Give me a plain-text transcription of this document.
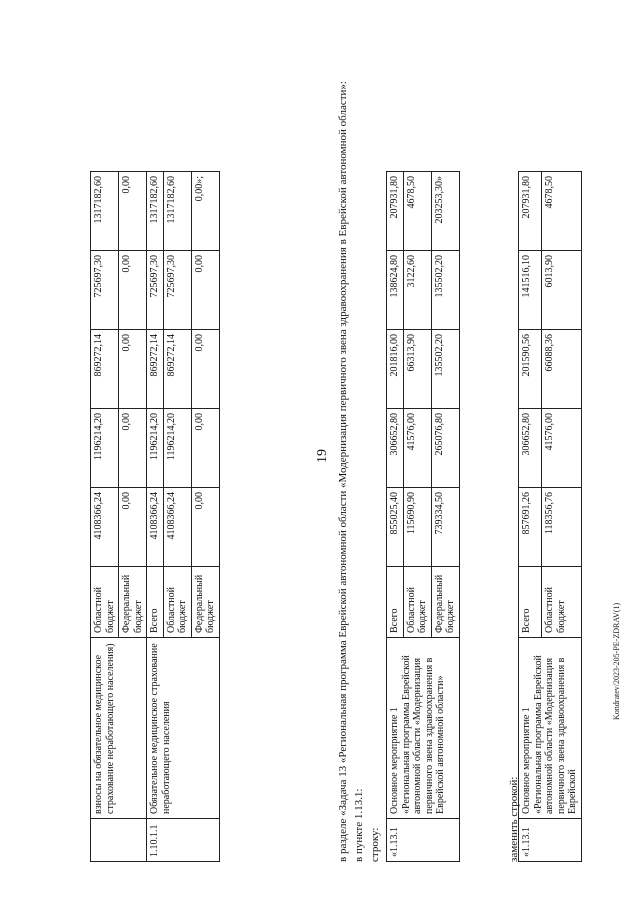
19
Kondratev/2023-205-PE-ZDRAV(1)
	взносы на обязательное медицинское страхование неработающего населения)	Областной бюджет	4108366,24	1196214,20	869272,14	725697,30	1317182,60
		Федеральный бюджет	0,00	0,00	0,00	0,00	0,00
1.10.1.1	Обязательное медицинское страхование неработающего населения	Всего	4108366,24	1196214,20	869272,14	725697,30	1317182,60
		Областной бюджет	4108366,24	1196214,20	869272,14	725697,30	1317182,60
		Федеральный бюджет	0,00	0,00	0,00	0,00	0,00»;	в разделе «Задача 13 «Региональная программа Еврейской автономной области «Модернизация первичного звена здравоохранения в Еврейской автономной области»: в пункте 1.13.1: строку: «1.13.1	Основное мероприятие 1 «Региональная программа Еврейской автономной области «Модернизация первичного звена здравоохранения в Еврейской автономной области»	Всего	855025,40	306652,80	201816,00	138624,80	207931,80
		Областной бюджет	115690,90	41576,00	66313,90	3122,60	4678,50
		Федеральный бюджет	739334,50	265076,80	135502,20	135502,20	203253,30»
заменить строкой: «1.13.1	Основное мероприятие 1 «Региональная программа Еврейской автономной области «Модернизация первичного звена здравоохранения в Еврейской	Всего	857691,26	306652,80	201590,56	141516,10	207931,80
		Областной бюджет	118356,76	41576,00	66088,36	6013,90	4678,50
